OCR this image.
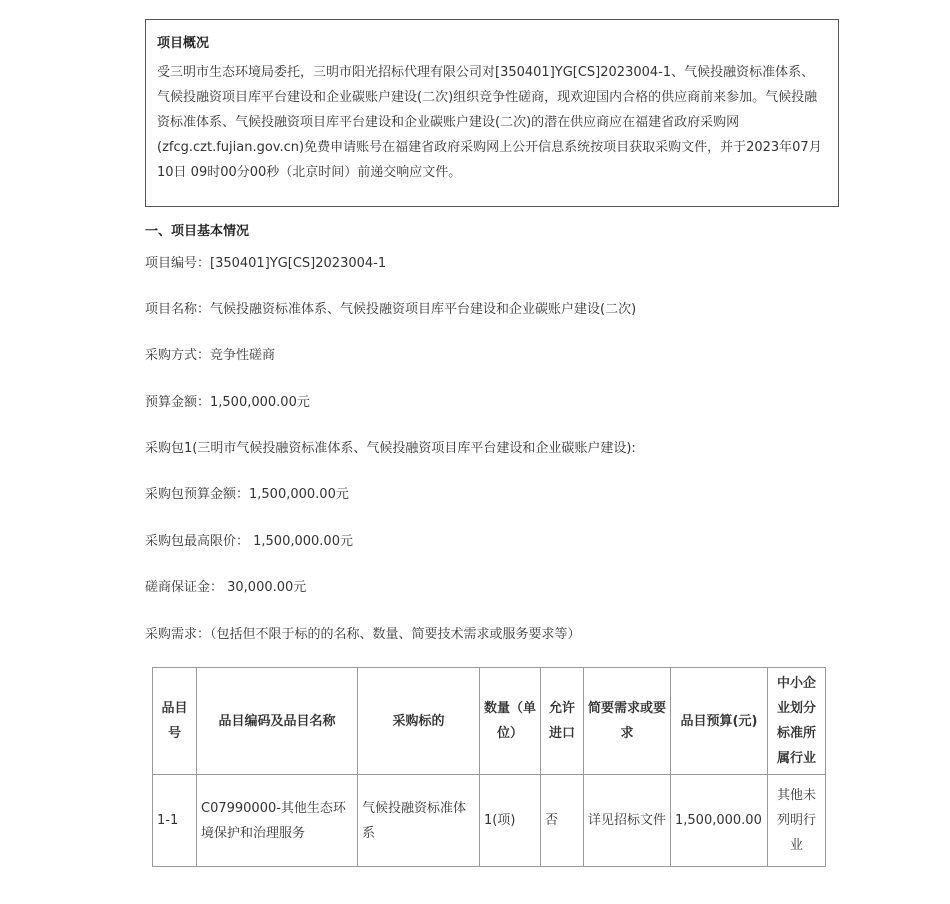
项目概况

受三明市生态环境局委托，三明市阳光招标代理有限公司对[350401]YG[CS]2023004-1、气候投融资标准体系、气候投融资项目库平台建设和企业碳账户建设(二次)组织竞争性磋商，现欢迎国内合格的供应商前来参加。气候投融资标准体系、气候投融资项目库平台建设和企业碳账户建设(二次)的潜在供应商应在福建省政府采购网(zfcg.czt.fujian.gov.cn)免费申请账号在福建省政府采购网上公开信息系统按项目获取采购文件，并于2023年07月10日 09时00分00秒（北京时间）前递交响应文件。

一、项目基本情况

项目编号：[350401]YG[CS]2023004-1

项目名称：气候投融资标准体系、气候投融资项目库平台建设和企业碳账户建设(二次)

采购方式：竞争性磋商

预算金额：1,500,000.00元

采购包1(三明市气候投融资标准体系、气候投融资项目库平台建设和企业碳账户建设):

采购包预算金额：1,500,000.00元

采购包最高限价： 1,500,000.00元

磋商保证金： 30,000.00元

采购需求：（包括但不限于标的的名称、数量、简要技术需求或服务要求等）

品目号	品目编码及品目名称	采购标的	数量（单位）	允许进口	简要需求或要求	品目预算(元)	中小企业划分标准所属行业
1-1	C07990000-其他生态环境保护和治理服务	气候投融资标准体系	1(项)	否	详见招标文件	1,500,000.00	其他未列明行业
